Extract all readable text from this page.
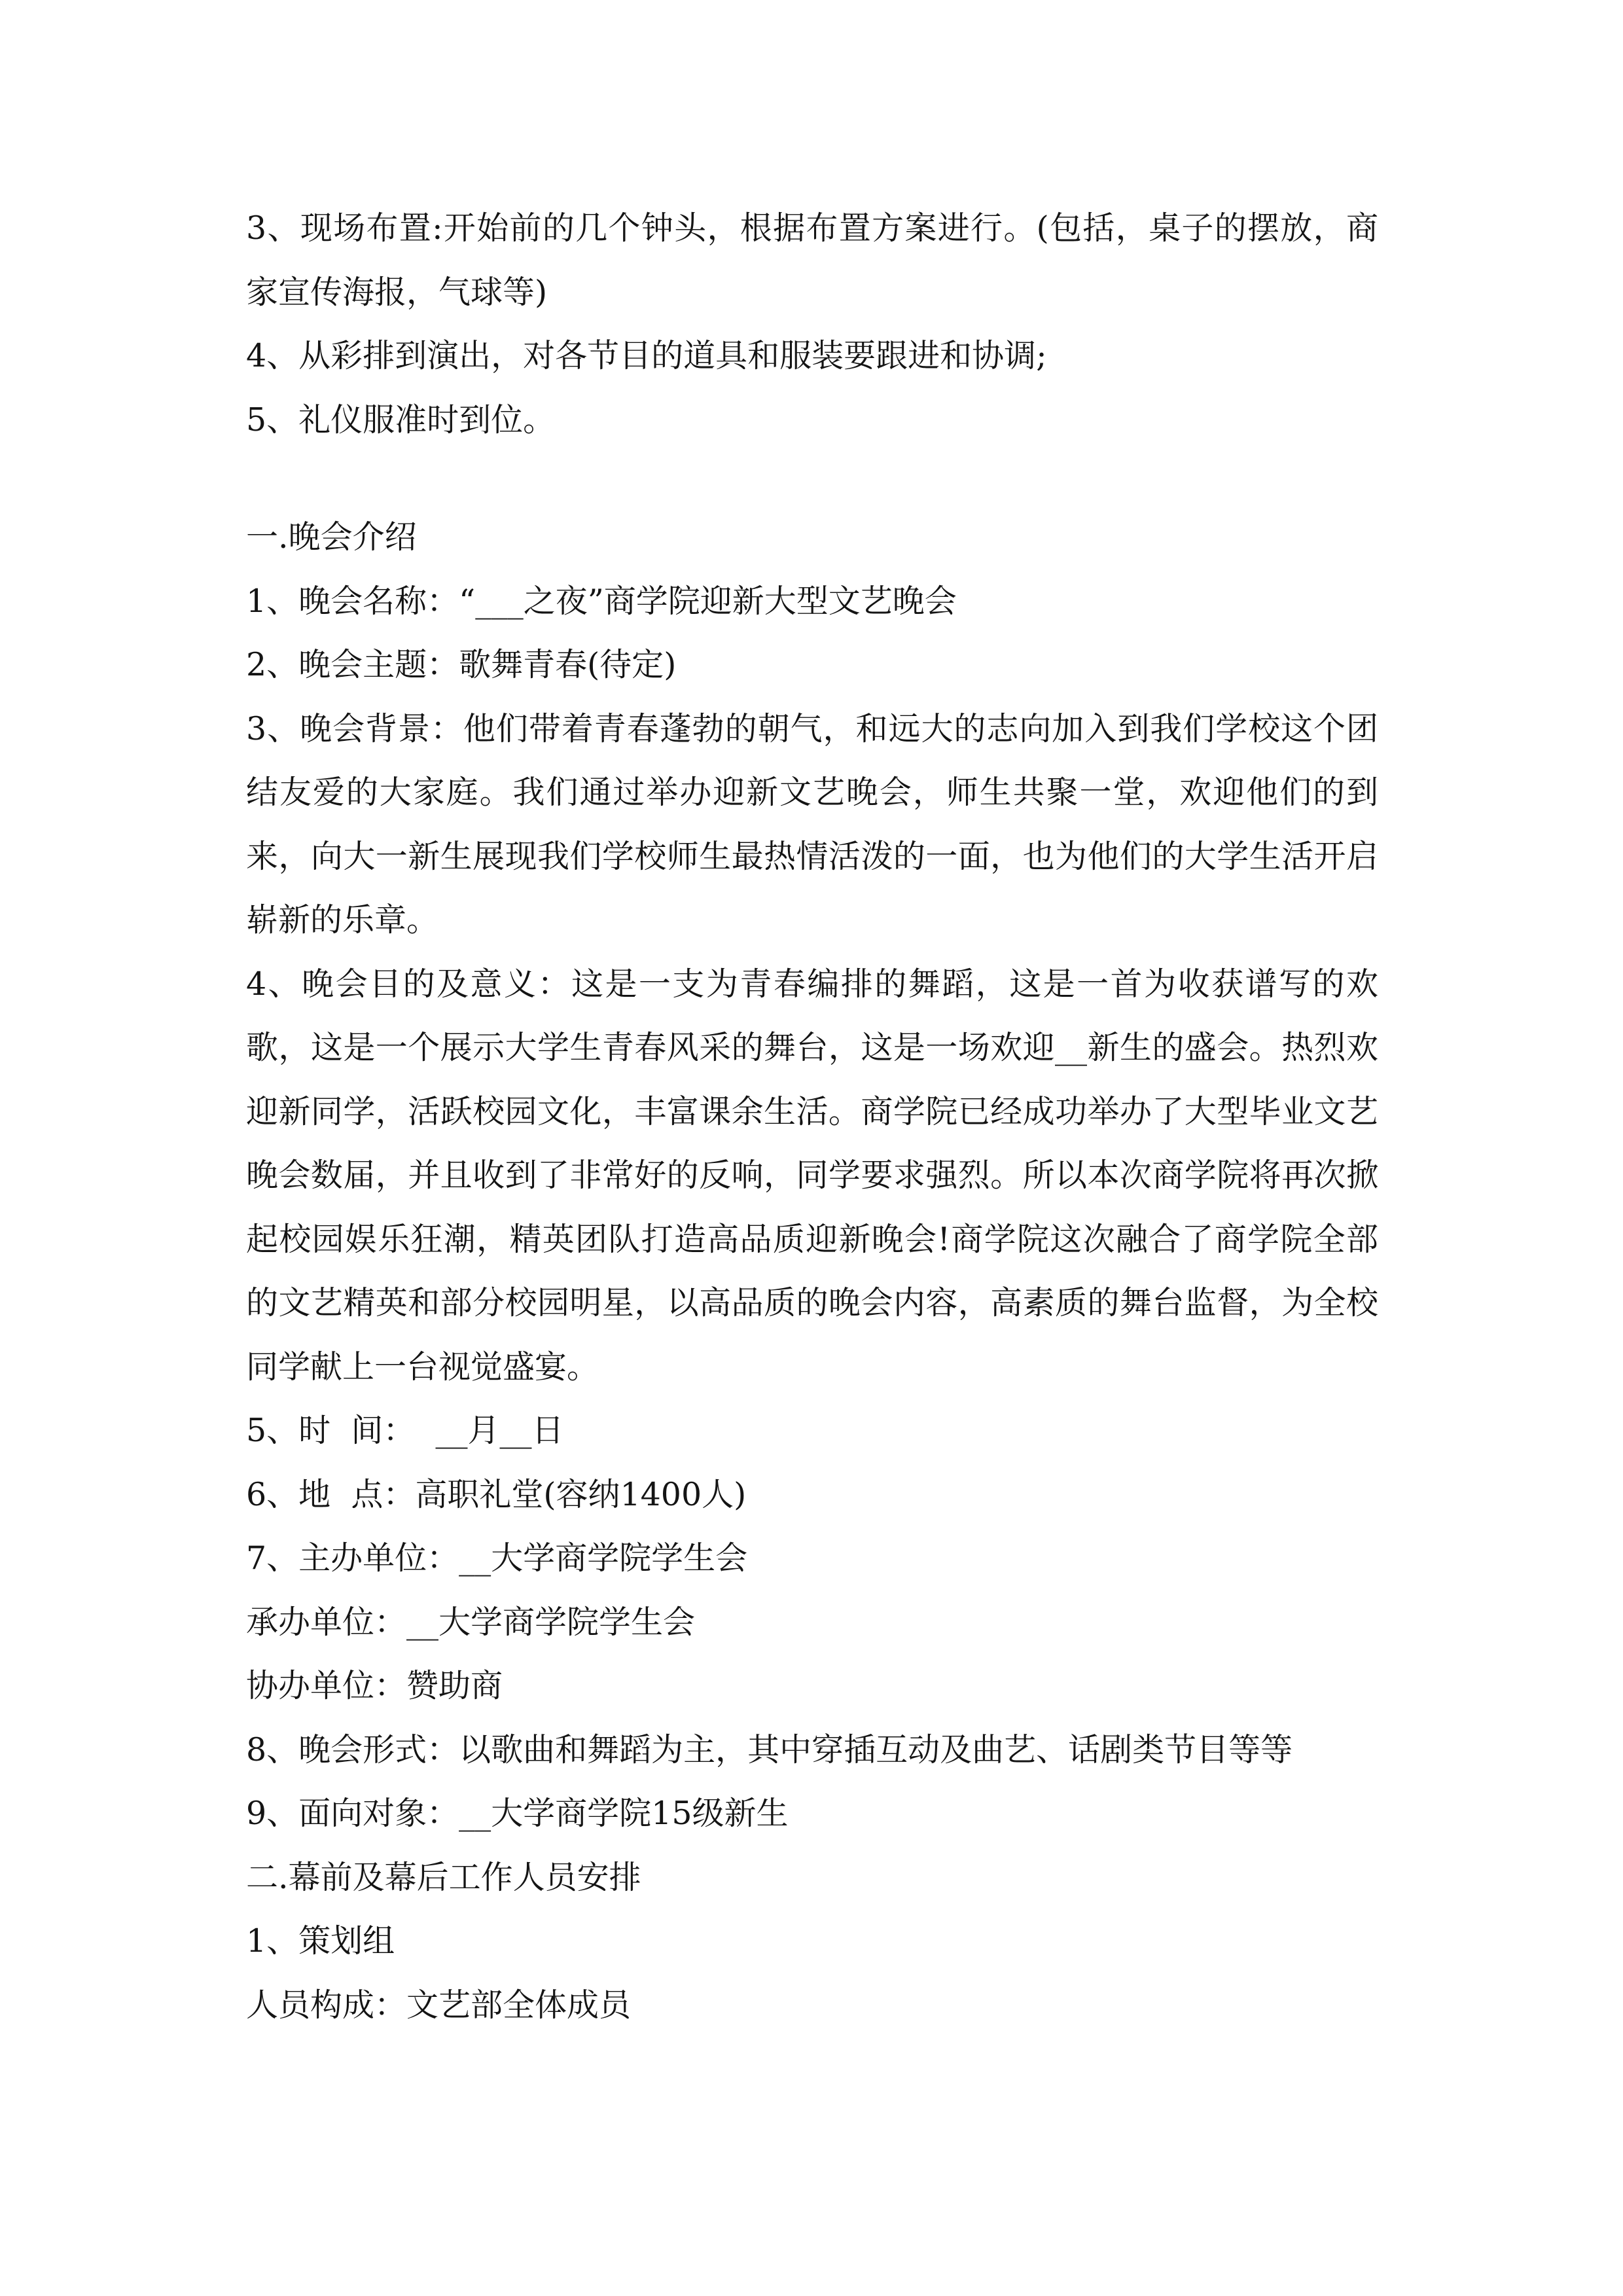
3、现场布置:开始前的几个钟头，根据布置方案进行。(包括，桌子的摆放，商家宣传海报，气球等)

4、从彩排到演出，对各节目的道具和服装要跟进和协调;

5、礼仪服准时到位。

一.晚会介绍

1、晚会名称：“___之夜”商学院迎新大型文艺晚会

2、晚会主题：歌舞青春(待定)

3、晚会背景：他们带着青春蓬勃的朝气，和远大的志向加入到我们学校这个团结友爱的大家庭。我们通过举办迎新文艺晚会，师生共聚一堂，欢迎他们的到来，向大一新生展现我们学校师生最热情活泼的一面，也为他们的大学生活开启崭新的乐章。

4、晚会目的及意义：这是一支为青春编排的舞蹈，这是一首为收获谱写的欢歌，这是一个展示大学生青春风采的舞台，这是一场欢迎__新生的盛会。热烈欢迎新同学，活跃校园文化，丰富课余生活。商学院已经成功举办了大型毕业文艺晚会数届，并且收到了非常好的反响，同学要求强烈。所以本次商学院将再次掀起校园娱乐狂潮，精英团队打造高品质迎新晚会!商学院这次融合了商学院全部的文艺精英和部分校园明星，以高品质的晚会内容，高素质的舞台监督，为全校同学献上一台视觉盛宴。

5、时  间：  __月__日

6、地  点：高职礼堂(容纳1400人)

7、主办单位：__大学商学院学生会

承办单位：__大学商学院学生会

协办单位：赞助商

8、晚会形式：以歌曲和舞蹈为主，其中穿插互动及曲艺、话剧类节目等等

9、面向对象：__大学商学院15级新生

二.幕前及幕后工作人员安排

1、策划组

人员构成：文艺部全体成员
